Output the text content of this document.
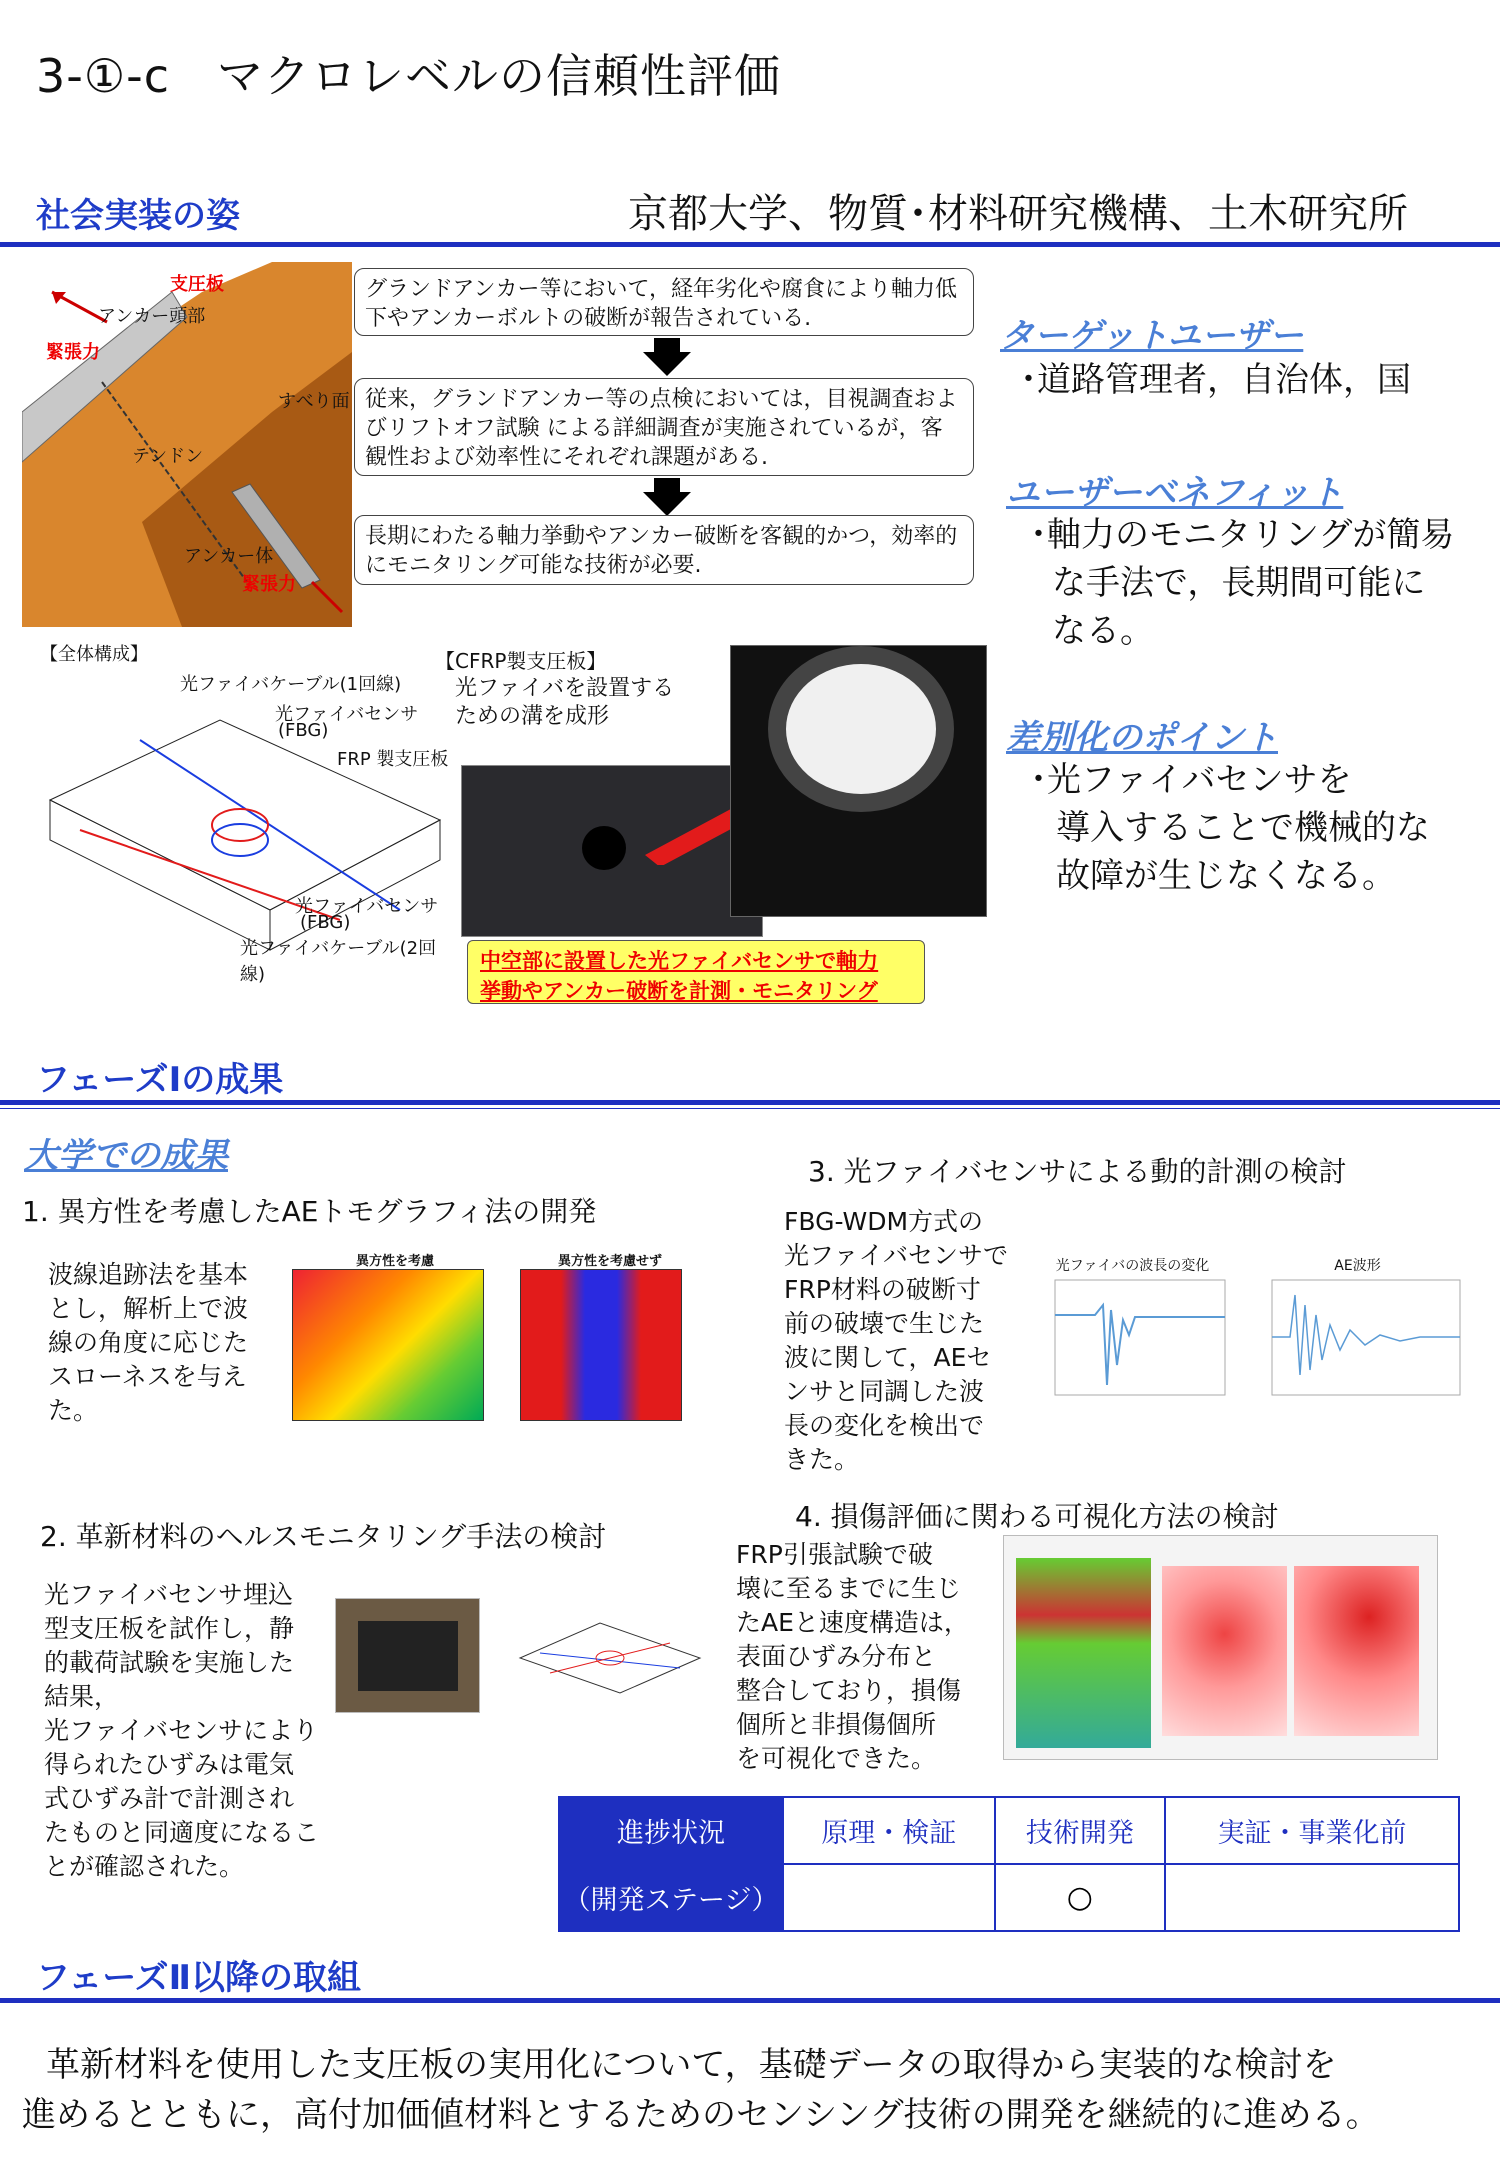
3-①-c　マクロレベルの信頼性評価
社会実装の姿	京都大学、物質･材料研究機構、土木研究所
支圧板
アンカー頭部
緊張力
すべり面
テンドン
アンカー体
緊張力
グランドアンカー等において，経年劣化や腐食により軸力低下やアンカーボルトの破断が報告されている.
従来，グランドアンカー等の点検においては，目視調査およびリフトオフ試験 による詳細調査が実施されているが，客観性および効率性にそれぞれ課題がある.
長期にわたる軸力挙動やアンカー破断を客観的かつ，効率的にモニタリング可能な技術が必要.
ターゲットユーザー
･道路管理者，自治体，国
ユーザーベネフィット
･軸力のモニタリングが簡易
な手法で，長期間可能に
なる。
差別化のポイント
･光ファイバセンサを
導入することで機械的な
故障が生じなくなる。
【全体構成】
光ファイバケーブル(1回線)
光ファイバセンサ
(FBG)
FRP 製支圧板
光ファイバセンサ
(FBG)
光ファイバケーブル(2回線)
【CFRP製支圧板】
光ファイバを設置する
ための溝を成形
中空部に設置した光ファイバセンサで軸力
挙動やアンカー破断を計測・モニタリング
フェーズⅠの成果
大学での成果
1. 異方性を考慮したAEトモグラフィ法の開発
波線追跡法を基本
とし，解析上で波
線の角度に応じた
スローネスを与え
た。
異方性を考慮	異方性を考慮せず
2. 革新材料のヘルスモニタリング手法の検討
光ファイバセンサ埋込
型支圧板を試作し，静
的載荷試験を実施した
結果，
光ファイバセンサにより
得られたひずみは電気
式ひずみ計で計測され
たものと同適度になるこ
とが確認された。
3. 光ファイバセンサによる動的計測の検討
FBG-WDM方式の
光ファイバセンサで
FRP材料の破断寸
前の破壊で生じた
波に関して，AEセ
ンサと同調した波
長の変化を検出で
きた。
光ファイバの波長の変化	AE波形
4. 損傷評価に関わる可視化方法の検討
FRP引張試験で破
壊に至るまでに生じ
たAEと速度構造は，
表面ひずみ分布と
整合しており，損傷
個所と非損傷個所
を可視化できた。
進捗状況	原理・検証	技術開発	実証・事業化前
（開発ステージ）		○	
フェーズⅡ以降の取組
革新材料を使用した支圧板の実用化について，基礎データの取得から実装的な検討を
進めるとともに，高付加価値材料とするためのセンシング技術の開発を継続的に進める。
